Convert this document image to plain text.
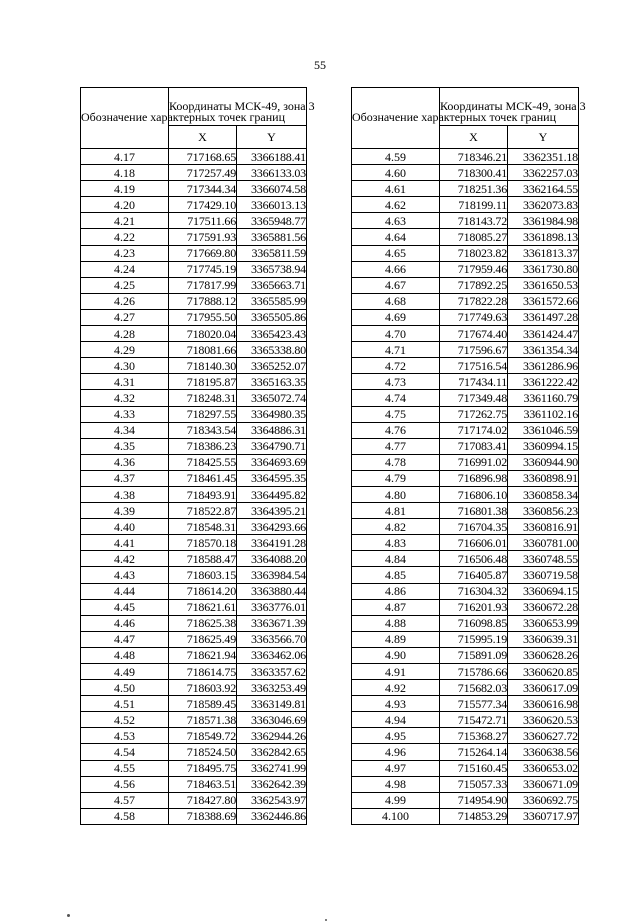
55
Обозначение характерных точек границ	Координаты МСК-49, зона 3	
	X	Y
4.17	717168.65	3366188.41
4.18	717257.49	3366133.03
4.19	717344.34	3366074.58
4.20	717429.10	3366013.13
4.21	717511.66	3365948.77
4.22	717591.93	3365881.56
4.23	717669.80	3365811.59
4.24	717745.19	3365738.94
4.25	717817.99	3365663.71
4.26	717888.12	3365585.99
4.27	717955.50	3365505.86
4.28	718020.04	3365423.43
4.29	718081.66	3365338.80
4.30	718140.30	3365252.07
4.31	718195.87	3365163.35
4.32	718248.31	3365072.74
4.33	718297.55	3364980.35
4.34	718343.54	3364886.31
4.35	718386.23	3364790.71
4.36	718425.55	3364693.69
4.37	718461.45	3364595.35
4.38	718493.91	3364495.82
4.39	718522.87	3364395.21
4.40	718548.31	3364293.66
4.41	718570.18	3364191.28
4.42	718588.47	3364088.20
4.43	718603.15	3363984.54
4.44	718614.20	3363880.44
4.45	718621.61	3363776.01
4.46	718625.38	3363671.39
4.47	718625.49	3363566.70
4.48	718621.94	3363462.06
4.49	718614.75	3363357.62
4.50	718603.92	3363253.49
4.51	718589.45	3363149.81
4.52	718571.38	3363046.69
4.53	718549.72	3362944.26
4.54	718524.50	3362842.65
4.55	718495.75	3362741.99
4.56	718463.51	3362642.39
4.57	718427.80	3362543.97
4.58	718388.69	3362446.86
Обозначение характерных точек границ	Координаты МСК-49, зона 3	
	X	Y
4.59	718346.21	3362351.18
4.60	718300.41	3362257.03
4.61	718251.36	3362164.55
4.62	718199.11	3362073.83
4.63	718143.72	3361984.98
4.64	718085.27	3361898.13
4.65	718023.82	3361813.37
4.66	717959.46	3361730.80
4.67	717892.25	3361650.53
4.68	717822.28	3361572.66
4.69	717749.63	3361497.28
4.70	717674.40	3361424.47
4.71	717596.67	3361354.34
4.72	717516.54	3361286.96
4.73	717434.11	3361222.42
4.74	717349.48	3361160.79
4.75	717262.75	3361102.16
4.76	717174.02	3361046.59
4.77	717083.41	3360994.15
4.78	716991.02	3360944.90
4.79	716896.98	3360898.91
4.80	716806.10	3360858.34
4.81	716801.38	3360856.23
4.82	716704.35	3360816.91
4.83	716606.01	3360781.00
4.84	716506.48	3360748.55
4.85	716405.87	3360719.58
4.86	716304.32	3360694.15
4.87	716201.93	3360672.28
4.88	716098.85	3360653.99
4.89	715995.19	3360639.31
4.90	715891.09	3360628.26
4.91	715786.66	3360620.85
4.92	715682.03	3360617.09
4.93	715577.34	3360616.98
4.94	715472.71	3360620.53
4.95	715368.27	3360627.72
4.96	715264.14	3360638.56
4.97	715160.45	3360653.02
4.98	715057.33	3360671.09
4.99	714954.90	3360692.75
4.100	714853.29	3360717.97
